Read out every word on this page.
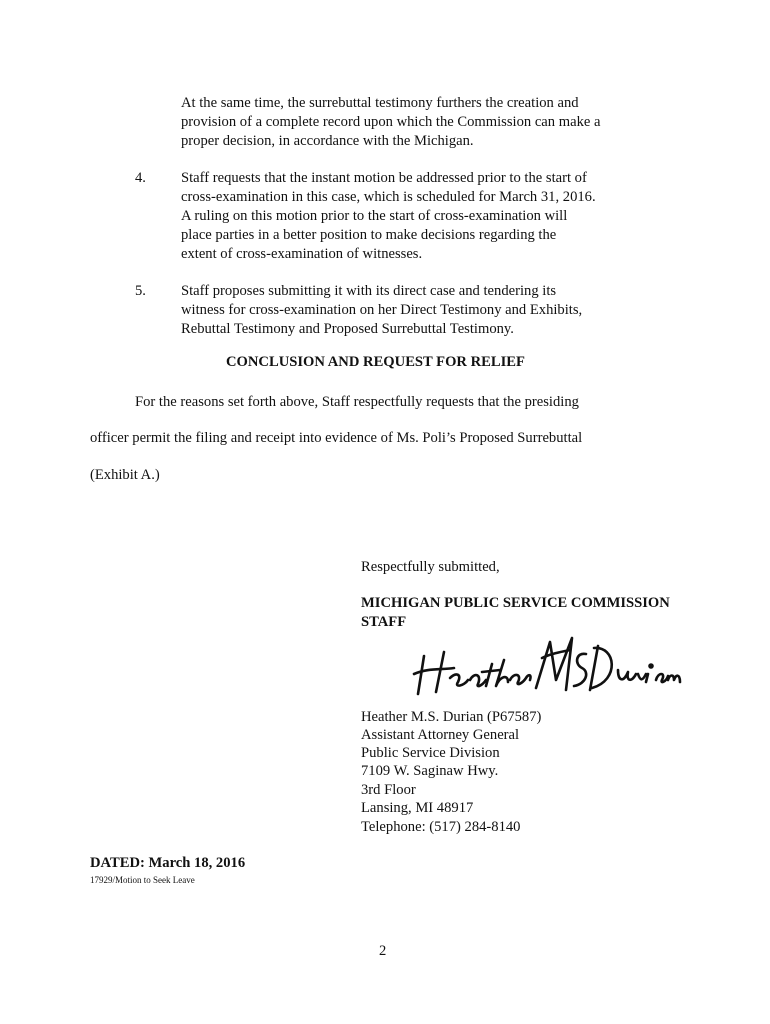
At the same time, the surrebuttal testimony furthers the creation and
provision of a complete record upon which the Commission can make a
proper decision, in accordance with the Michigan.
4. Staff requests that the instant motion be addressed prior to the start of
cross-examination in this case, which is scheduled for March 31, 2016.
A ruling on this motion prior to the start of cross-examination will
place parties in a better position to make decisions regarding the
extent of cross-examination of witnesses.
5. Staff proposes submitting it with its direct case and tendering its
witness for cross-examination on her Direct Testimony and Exhibits,
Rebuttal Testimony and Proposed Surrebuttal Testimony.
CONCLUSION AND REQUEST FOR RELIEF
For the reasons set forth above, Staff respectfully requests that the presiding
officer permit the filing and receipt into evidence of Ms. Poli’s Proposed Surrebuttal
(Exhibit A.)
Respectfully submitted,
MICHIGAN PUBLIC SERVICE COMMISSION
STAFF
Heather M.S. Durian (P67587)
Assistant Attorney General
Public Service Division
7109 W. Saginaw Hwy.
3rd Floor
Lansing, MI 48917
Telephone: (517) 284-8140
DATED: March 18, 2016
17929/Motion to Seek Leave
2
